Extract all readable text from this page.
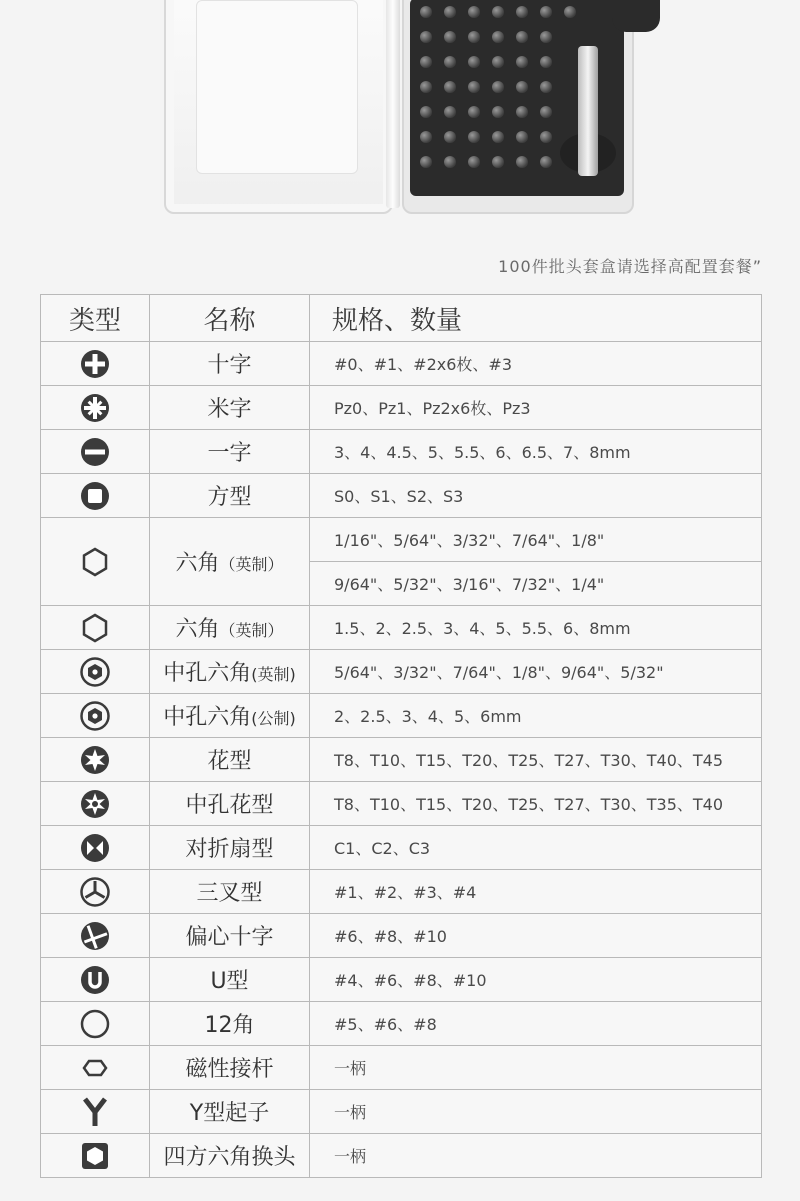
100件批头套盒请选择高配置套餐”
类型	名称	规格、数量
	十字	#0、#1、#2x6枚、#3
	米字	Pz0、Pz1、Pz2x6枚、Pz3
	一字	3、4、4.5、5、5.5、6、6.5、7、8mm
	方型	S0、S1、S2、S3
	六角（英制）	1/16"、5/64"、3/32"、7/64"、1/8"
		9/64"、5/32"、3/16"、7/32"、1/4"
	六角（英制）	1.5、2、2.5、3、4、5、5.5、6、8mm
	中孔六角(英制)	5/64"、3/32"、7/64"、1/8"、9/64"、5/32"
	中孔六角(公制)	2、2.5、3、4、5、6mm
	花型	T8、T10、T15、T20、T25、T27、T30、T40、T45
	中孔花型	T8、T10、T15、T20、T25、T27、T30、T35、T40
	对折扇型	C1、C2、C3
	三叉型	#1、#2、#3、#4
	偏心十字	#6、#8、#10
	U型	#4、#6、#8、#10
	12角	#5、#6、#8
	磁性接杆	一柄
	Y型起子	一柄
	四方六角换头	一柄
